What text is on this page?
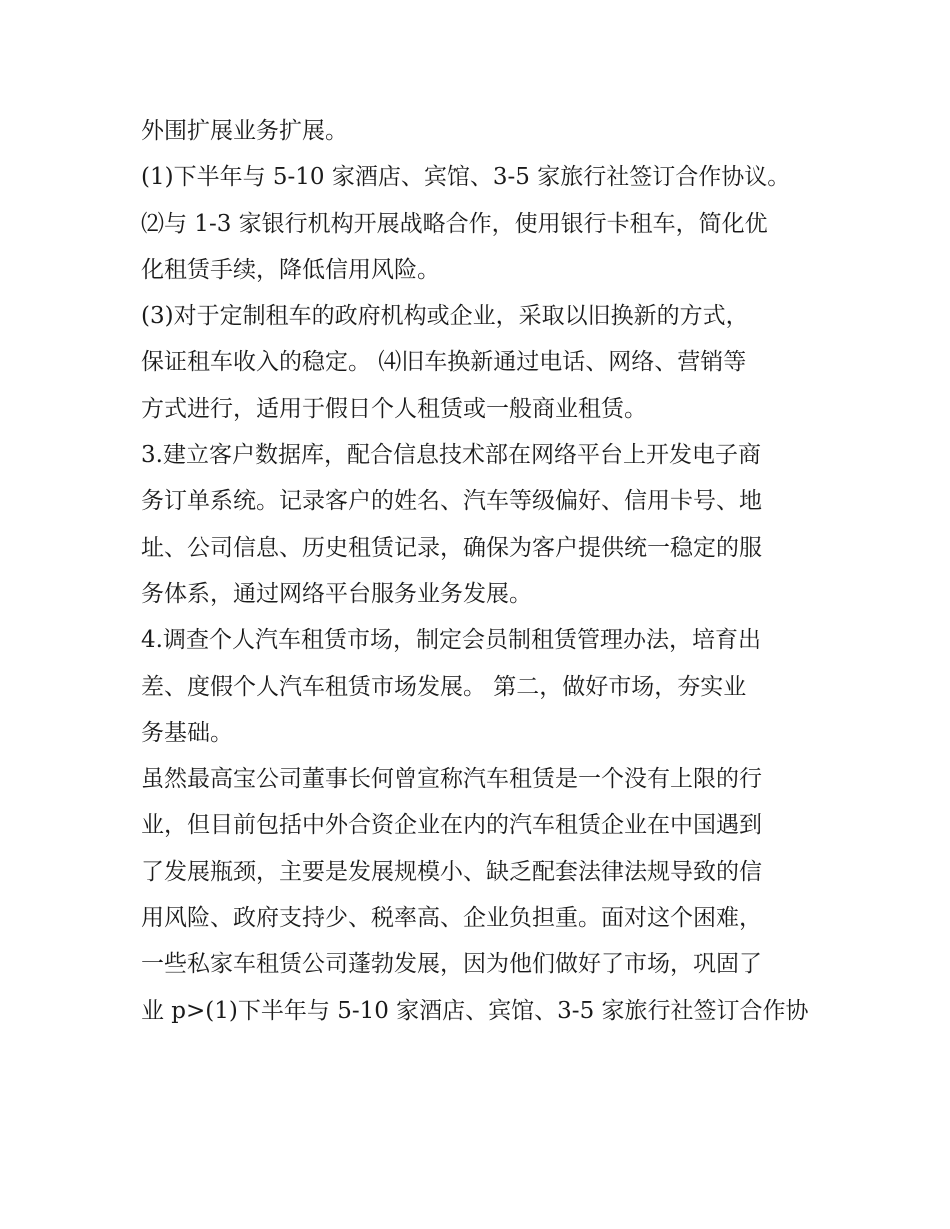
外围扩展业务扩展。

(1)下半年与 5-10 家酒店、宾馆、3-5 家旅行社签订合作协议。

⑵与 1-3 家银行机构开展战略合作，使用银行卡租车，简化优
化租赁手续，降低信用风险。

(3)对于定制租车的政府机构或企业，采取以旧换新的方式，
保证租车收入的稳定。 ⑷旧车换新通过电话、网络、营销等
方式进行，适用于假日个人租赁或一般商业租赁。

3.建立客户数据库，配合信息技术部在网络平台上开发电子商
务订单系统。记录客户的姓名、汽车等级偏好、信用卡号、地
址、公司信息、历史租赁记录，确保为客户提供统一稳定的服
务体系，通过网络平台服务业务发展。

4.调查个人汽车租赁市场，制定会员制租赁管理办法，培育出
差、度假个人汽车租赁市场发展。 第二，做好市场，夯实业
务基础。

虽然最高宝公司董事长何曾宣称汽车租赁是一个没有上限的行
业，但目前包括中外合资企业在内的汽车租赁企业在中国遇到
了发展瓶颈，主要是发展规模小、缺乏配套法律法规导致的信
用风险、政府支持少、税率高、企业负担重。面对这个困难，
一些私家车租赁公司蓬勃发展，因为他们做好了市场，巩固了
业 p>(1)下半年与 5-10 家酒店、宾馆、3-5 家旅行社签订合作协
